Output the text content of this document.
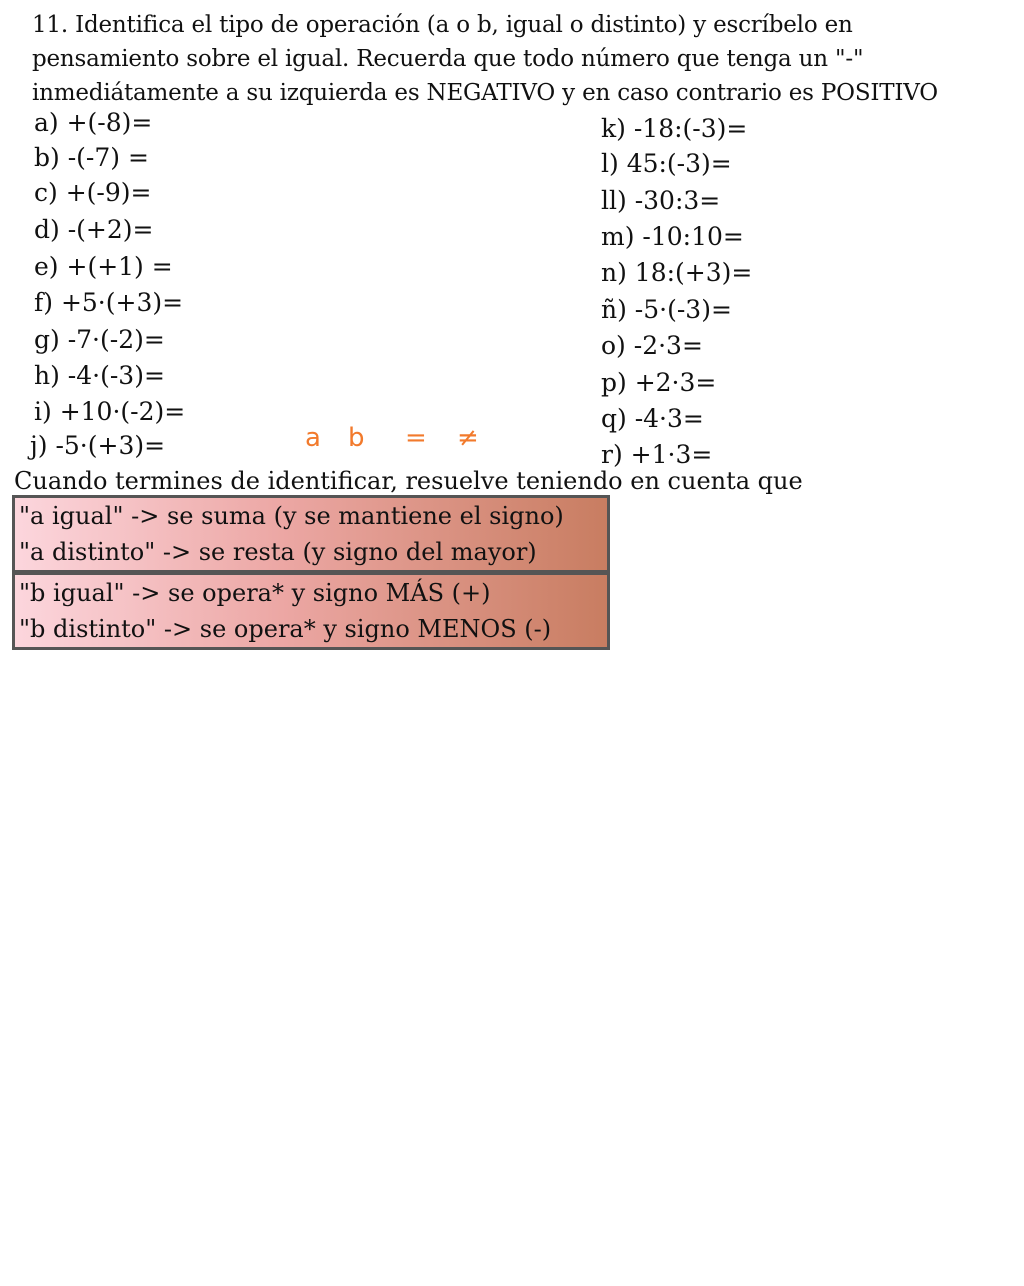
11. Identifica el tipo de operación (a o b, igual o distinto) y escríbelo en
pensamiento sobre el igual. Recuerda que todo número que tenga un "-"
inmediátamente a su izquierda es NEGATIVO y en caso contrario es POSITIVO
a) +(-8)=
b) -(-7) =
c) +(-9)=
d) -(+2)=
e) +(+1) =
f) +5·(+3)=
g) -7·(-2)=
h) -4·(-3)=
i) +10·(-2)=
j) -5·(+3)=
k) -18:(-3)=
l) 45:(-3)=
ll) -30:3=
m) -10:10=
n) 18:(+3)=
ñ) -5·(-3)=
o) -2·3=
p) +2·3=
q) -4·3=
r) +1·3=
a b = ≠
Cuando termines de identificar, resuelve teniendo en cuenta que
"a igual" -> se suma (y se mantiene el signo)
"a distinto" -> se resta (y signo del mayor)
"b igual" -> se opera* y signo MÁS (+)
"b distinto" -> se opera* y signo MENOS (-)
